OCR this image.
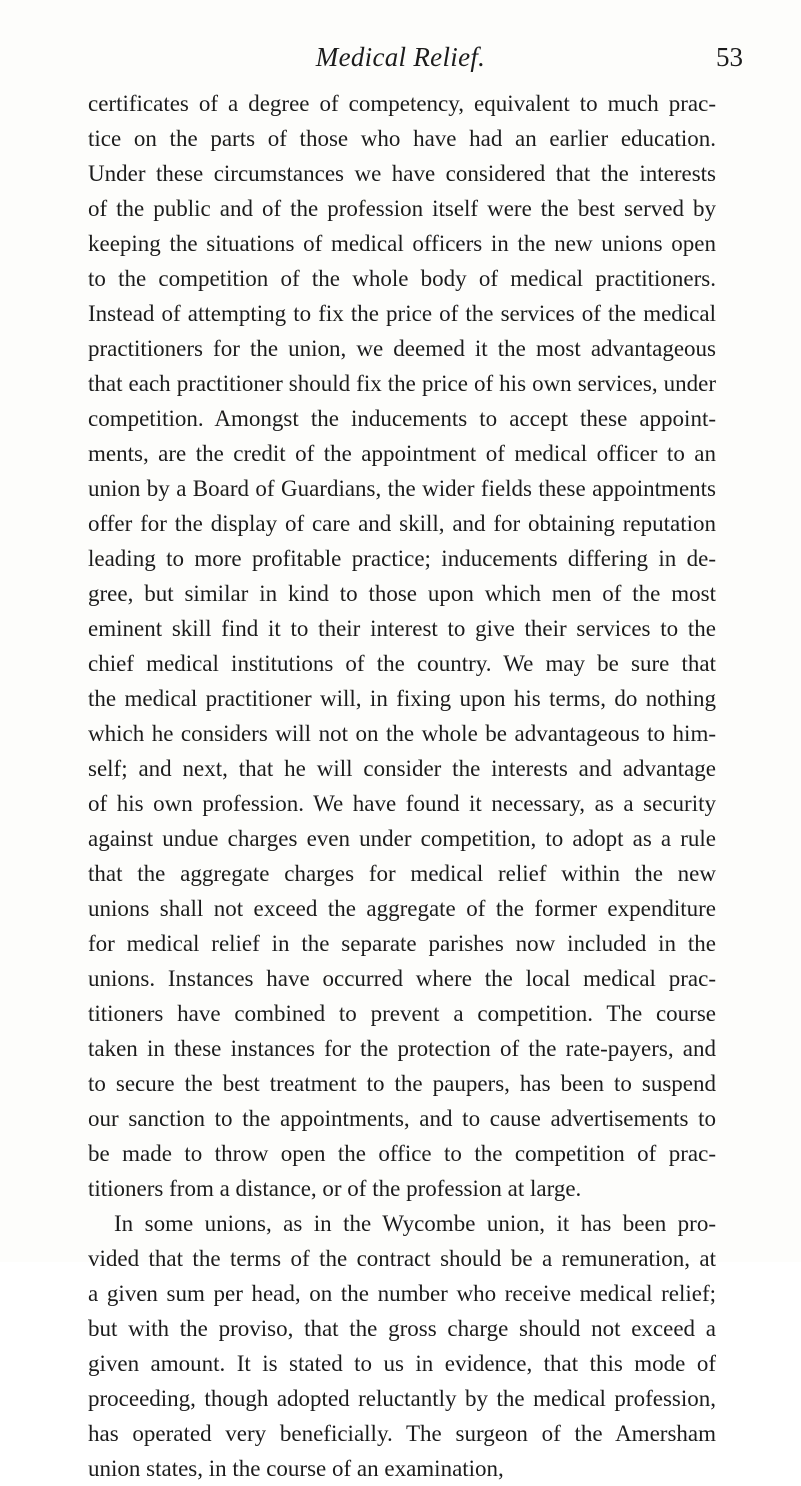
Medical Relief.	53
certificates of a degree of competency, equivalent to much prac-
tice on the parts of those who have had an earlier education.
Under these circumstances we have considered that the interests
of the public and of the profession itself were the best served by
keeping the situations of medical officers in the new unions open
to the competition of the whole body of medical practitioners.
Instead of attempting to fix the price of the services of the medical
practitioners for the union, we deemed it the most advantageous
that each practitioner should fix the price of his own services, under
competition. Amongst the inducements to accept these appoint-
ments, are the credit of the appointment of medical officer to an
union by a Board of Guardians, the wider fields these appointments
offer for the display of care and skill, and for obtaining reputation
leading to more profitable practice; inducements differing in de-
gree, but similar in kind to those upon which men of the most
eminent skill find it to their interest to give their services to the
chief medical institutions of the country. We may be sure that
the medical practitioner will, in fixing upon his terms, do nothing
which he considers will not on the whole be advantageous to him-
self; and next, that he will consider the interests and advantage
of his own profession. We have found it necessary, as a security
against undue charges even under competition, to adopt as a rule
that the aggregate charges for medical relief within the new
unions shall not exceed the aggregate of the former expenditure
for medical relief in the separate parishes now included in the
unions. Instances have occurred where the local medical prac-
titioners have combined to prevent a competition. The course
taken in these instances for the protection of the rate-payers, and
to secure the best treatment to the paupers, has been to suspend
our sanction to the appointments, and to cause advertisements to
be made to throw open the office to the competition of prac-
titioners from a distance, or of the profession at large.
In some unions, as in the Wycombe union, it has been pro-
vided that the terms of the contract should be a remuneration, at
a given sum per head, on the number who receive medical relief;
but with the proviso, that the gross charge should not exceed a
given amount. It is stated to us in evidence, that this mode of
proceeding, though adopted reluctantly by the medical profession,
has operated very beneficially. The surgeon of the Amersham
union states, in the course of an examination,
